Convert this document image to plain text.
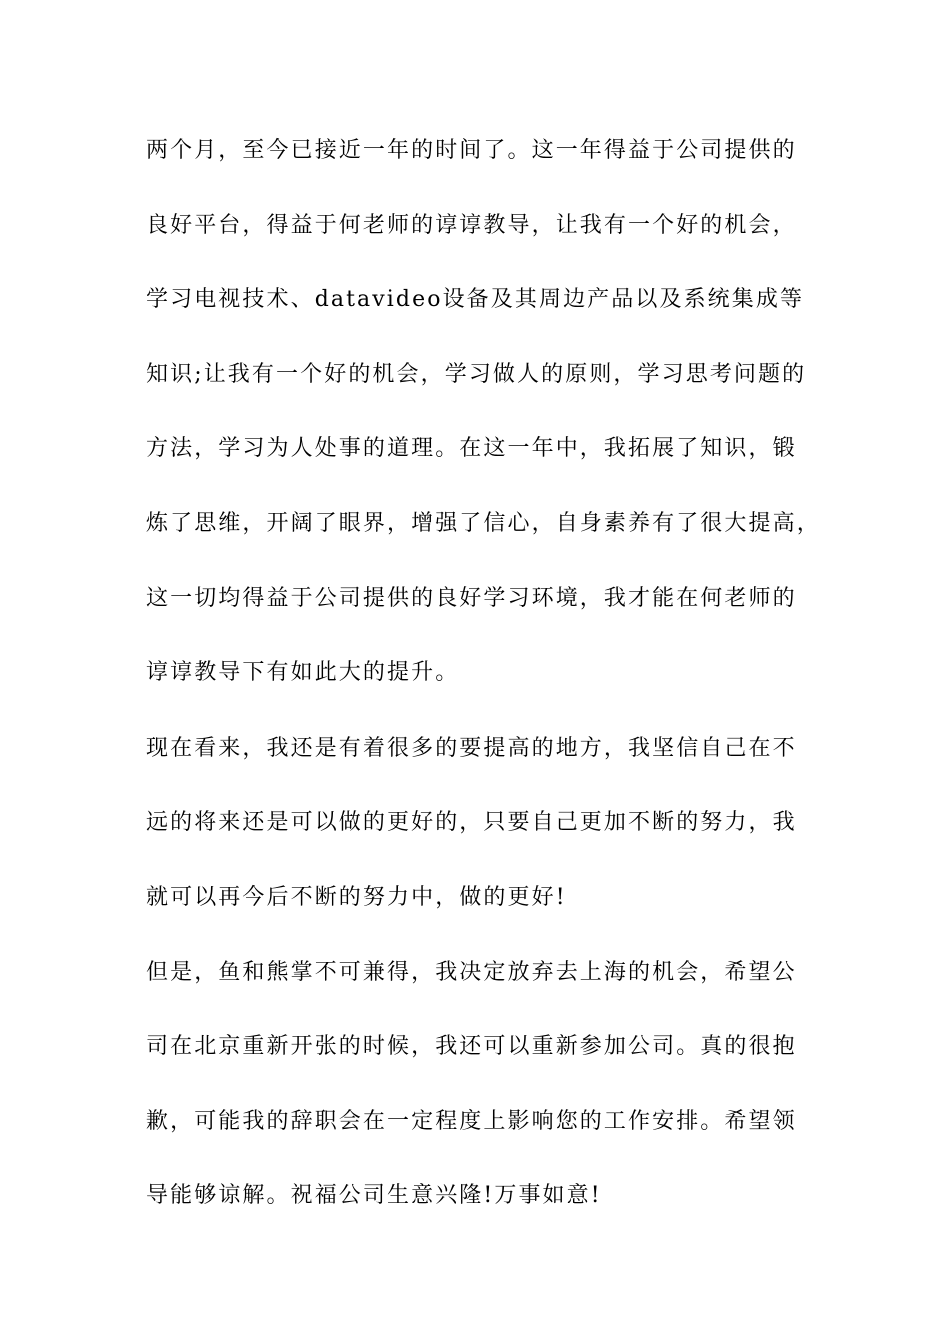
两个月，至今已接近一年的时间了。这一年得益于公司提供的
良好平台，得益于何老师的谆谆教导，让我有一个好的机会，
学习电视技术、datavideo设备及其周边产品以及系统集成等
知识;让我有一个好的机会，学习做人的原则，学习思考问题的
方法，学习为人处事的道理。在这一年中，我拓展了知识，锻
炼了思维，开阔了眼界，增强了信心，自身素养有了很大提高，
这一切均得益于公司提供的良好学习环境，我才能在何老师的
谆谆教导下有如此大的提升。
现在看来，我还是有着很多的要提高的地方，我坚信自己在不
远的将来还是可以做的更好的，只要自己更加不断的努力，我
就可以再今后不断的努力中，做的更好!
但是，鱼和熊掌不可兼得，我决定放弃去上海的机会，希望公
司在北京重新开张的时候，我还可以重新参加公司。真的很抱
歉，可能我的辞职会在一定程度上影响您的工作安排。希望领
导能够谅解。祝福公司生意兴隆!万事如意!
